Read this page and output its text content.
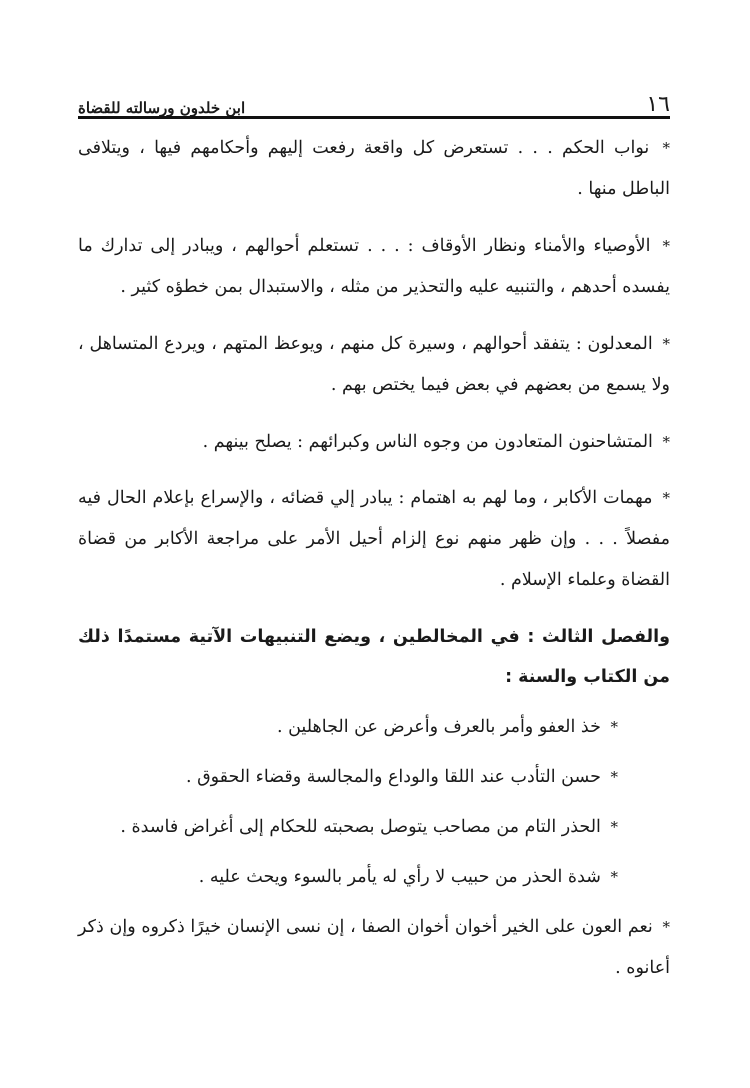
١٦
ابن خلدون ورسالته للقضاة

* نواب الحكم . . . تستعرض كل واقعة رفعت إليهم وأحكامهم فيها ، ويتلافى الباطل منها .

* الأوصياء والأمناء ونظار الأوقاف : . . . تستعلم أحوالهم ، ويبادر إلى تدارك ما يفسده أحدهم ، والتنبيه عليه والتحذير من مثله ، والاستبدال بمن خطؤه كثير .

* المعدلون : يتفقد أحوالهم ، وسيرة كل منهم ، ويوعظ المتهم ، ويردع المتساهل ، ولا يسمع من بعضهم في بعض فيما يختص بهم .

* المتشاحنون المتعادون من وجوه الناس وكبرائهم : يصلح بينهم .

* مهمات الأكابر ، وما لهم به اهتمام : يبادر إلي قضائه ، والإسراع بإعلام الحال فيه مفصلاً . . . وإن ظهر منهم نوع إلزام أحيل الأمر على مراجعة الأكابر من قضاة القضاة وعلماء الإسلام .

والفصل الثالث : في المخالطين ، ويضع التنبيهات الآتية مستمدًا ذلك من الكتاب والسنة :

* خذ العفو وأمر بالعرف وأعرض عن الجاهلين .

* حسن التأدب عند اللقا والوداع والمجالسة وقضاء الحقوق .

* الحذر التام من مصاحب يتوصل بصحبته للحكام إلى أغراض فاسدة .

* شدة الحذر من حبيب لا رأي له يأمر بالسوء ويحث عليه .

* نعم العون على الخير أخوان أخوان الصفا ، إن نسى الإنسان خيرًا ذكروه وإن ذكر أعانوه .
